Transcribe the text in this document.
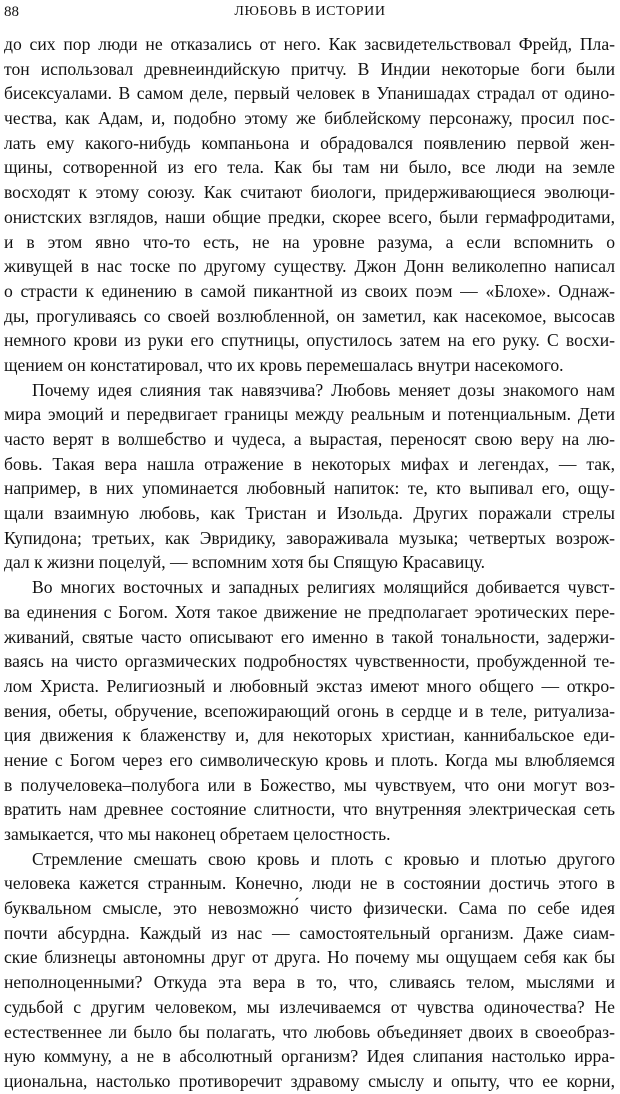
88	ЛЮБОВЬ В ИСТОРИИ
до сих пор люди не отказались от него. Как засвидетельствовал Фрейд, Пла-
тон использовал древнеиндийскую притчу. В Индии некоторые боги были
бисексуалами. В самом деле, первый человек в Упанишадах страдал от одино-
чества, как Адам, и, подобно этому же библейскому персонажу, просил пос-
лать ему какого-нибудь компаньона и обрадовался появлению первой жен-
щины, сотворенной из его тела. Как бы там ни было, все люди на земле
восходят к этому союзу. Как считают биологи, придерживающиеся эволюци-
онистских взглядов, наши общие предки, скорее всего, были гермафродитами,
и в этом явно что-то есть, не на уровне разума, а если вспомнить о
живущей в нас тоске по другому существу. Джон Донн великолепно написал
о страсти к единению в самой пикантной из своих поэм — «Блохе». Однаж-
ды, прогуливаясь со своей возлюбленной, он заметил, как насекомое, высосав
немного крови из руки его спутницы, опустилось затем на его руку. С восхи-
щением он констатировал, что их кровь перемешалась внутри насекомого.
Почему идея слияния так навязчива? Любовь меняет дозы знакомого нам
мира эмоций и передвигает границы между реальным и потенциальным. Дети
часто верят в волшебство и чудеса, а вырастая, переносят свою веру на лю-
бовь. Такая вера нашла отражение в некоторых мифах и легендах, — так,
например, в них упоминается любовный напиток: те, кто выпивал его, ощу-
щали взаимную любовь, как Тристан и Изольда. Других поражали стрелы
Купидона; третьих, как Эвридику, завораживала музыка; четвертых возрож-
дал к жизни поцелуй, — вспомним хотя бы Спящую Красавицу.
Во многих восточных и западных религиях молящийся добивается чувст-
ва единения с Богом. Хотя такое движение не предполагает эротических пере-
живаний, святые часто описывают его именно в такой тональности, задержи-
ваясь на чисто оргазмических подробностях чувственности, пробужденной те-
лом Христа. Религиозный и любовный экстаз имеют много общего — откро-
вения, обеты, обручение, всепожирающий огонь в сердце и в теле, ритуализа-
ция движения к блаженству и, для некоторых христиан, каннибальское еди-
нение с Богом через его символическую кровь и плоть. Когда мы влюбляемся
в получеловека–полубога или в Божество, мы чувствуем, что они могут воз-
вратить нам древнее состояние слитности, что внутренняя электрическая сеть
замыкается, что мы наконец обретаем целостность.
Стремление смешать свою кровь и плоть с кровью и плотью другого
человека кажется странным. Конечно, люди не в состоянии достичь этого в
буквальном смысле, это невозможно́ чисто физически. Сама по себе идея
почти абсурдна. Каждый из нас — самостоятельный организм. Даже сиам-
ские близнецы автономны друг от друга. Но почему мы ощущаем себя как бы
неполноценными? Откуда эта вера в то, что, сливаясь телом, мыслями и
судьбой с другим человеком, мы излечиваемся от чувства одиночества? Не
естественнее ли было бы полагать, что любовь объединяет двоих в своеобраз-
ную коммуну, а не в абсолютный организм? Идея слипания настолько ирра-
циональна, настолько противоречит здравому смыслу и опыту, что ее корни,
